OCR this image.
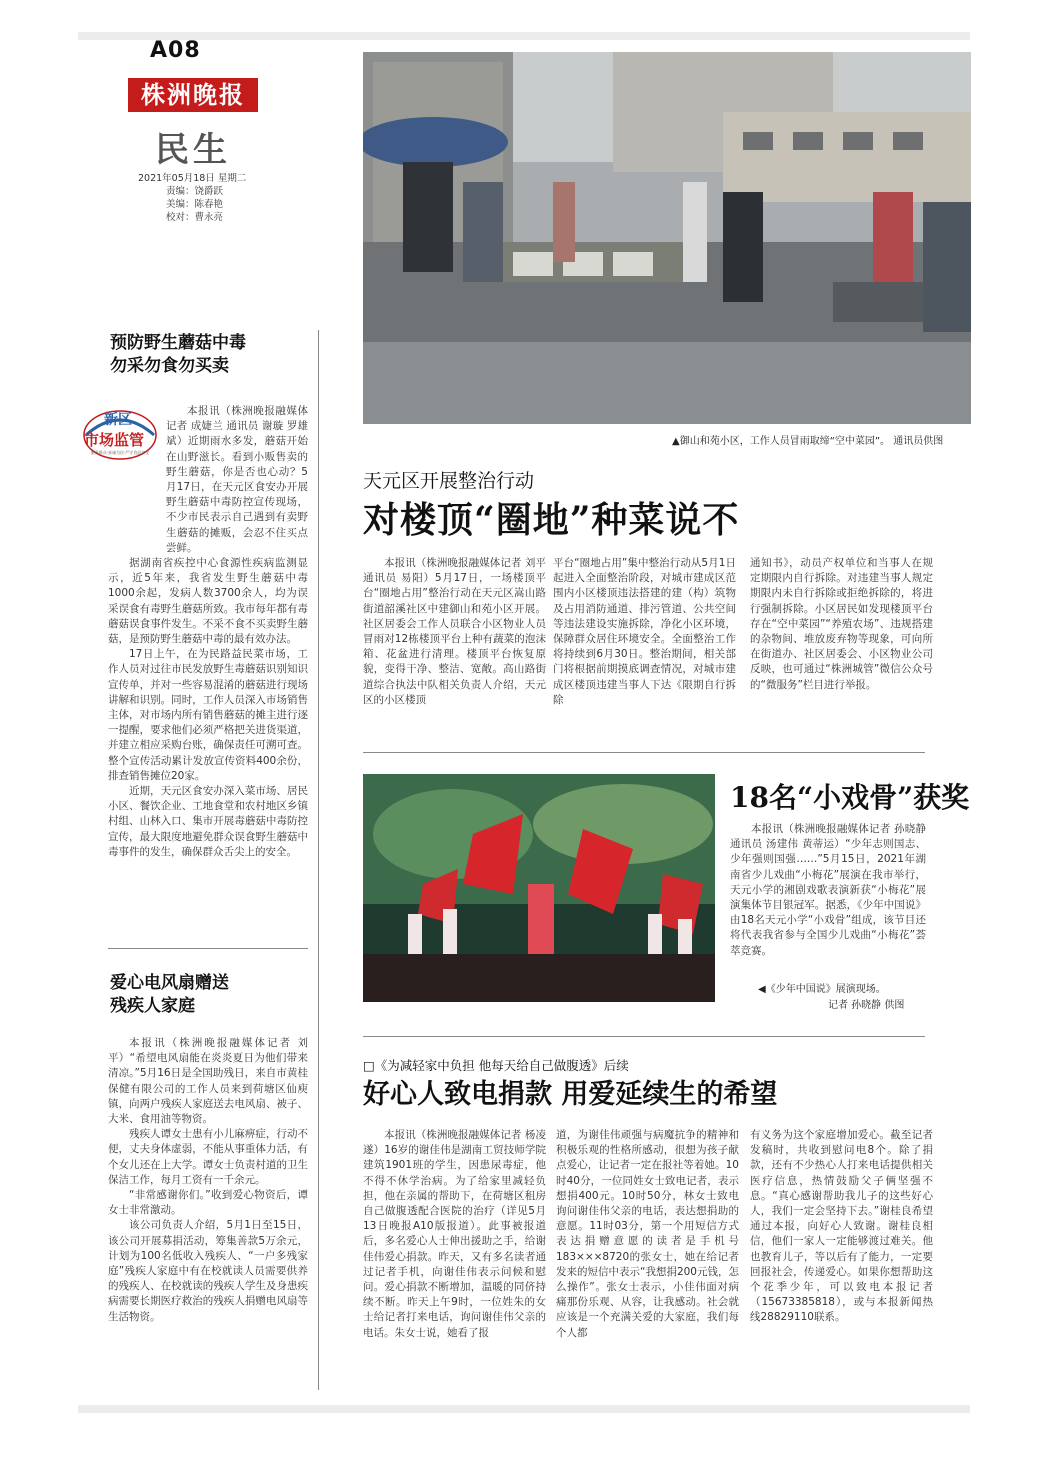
A08
株洲晚报
民生
2021年05月18日 星期二
责编：饶爵跃
美编：陈春艳
校对：曹永亮
预防野生蘑菇中毒
勿采勿食勿买卖
新区
市场监管
服务群众·真诚为民·严守食品安全

本报讯（株洲晚报融媒体记者 成婕兰 通讯员 谢璇 罗雄斌）近期雨水多发，蘑菇开始在山野滋长。看到小贩售卖的野生蘑菇，你是否也心动？5月17日，在天元区食安办开展野生蘑菇中毒防控宣传现场，不少市民表示自己遇到有卖野生蘑菇的摊贩，会忍不住买点尝鲜。

据湖南省疾控中心食源性疾病监测显示，近5年来，我省发生野生蘑菇中毒1000余起，发病人数3700余人，均为误采误食有毒野生蘑菇所致。我市每年都有毒蘑菇误食事件发生。不采不食不买卖野生蘑菇，是预防野生蘑菇中毒的最有效办法。

17日上午，在为民路益民菜市场，工作人员对过往市民发放野生毒蘑菇识别知识宣传单，并对一些容易混淆的蘑菇进行现场讲解和识别。同时，工作人员深入市场销售主体，对市场内所有销售蘑菇的摊主进行逐一提醒，要求他们必须严格把关进货渠道，并建立相应采购台账，确保责任可溯可查。整个宣传活动累计发放宣传资料400余份，排查销售摊位20家。

近期，天元区食安办深入菜市场、居民小区、餐饮企业、工地食堂和农村地区乡镇村组、山林入口、集市开展毒蘑菇中毒防控宣传，最大限度地避免群众误食野生蘑菇中毒事件的发生，确保群众舌尖上的安全。

爱心电风扇赠送
残疾人家庭

本报讯（株洲晚报融媒体记者 刘平）“希望电风扇能在炎炎夏日为他们带来清凉。”5月16日是全国助残日，来自市黄桂保健有限公司的工作人员来到荷塘区仙庾镇，向两户残疾人家庭送去电风扇、被子、大米、食用油等物资。

残疾人谭女士患有小儿麻痹症，行动不便，丈夫身体虚弱，不能从事重体力活，有个女儿还在上大学。谭女士负责村道的卫生保洁工作，每月工资有一千余元。

“非常感谢你们。”收到爱心物资后，谭女士非常激动。

该公司负责人介绍，5月1日至15日，该公司开展募捐活动，筹集善款5万余元，计划为100名低收入残疾人、“一户多残家庭”残疾人家庭中有在校就读人员需要供养的残疾人、在校就读的残疾人学生及身患疾病需要长期医疗救治的残疾人捐赠电风扇等生活物资。

▲御山和苑小区，工作人员冒雨取缔“空中菜园”。 通讯员供图
天元区开展整治行动
对楼顶“圈地”种菜说不
本报讯（株洲晚报融媒体记者 刘平 通讯员 易阳）5月17日，一场楼顶平台“圈地占用”整治行动在天元区嵩山路街道韶溪社区中建御山和苑小区开展。社区居委会工作人员联合小区物业人员冒雨对12栋楼顶平台上种有蔬菜的泡沫箱、花盆进行清理。楼顶平台恢复原貌，变得干净、整洁、宽敞。高山路街道综合执法中队相关负责人介绍，天元区的小区楼顶
平台“圈地占用”集中整治行动从5月1日起进入全面整治阶段，对城市建成区范围内小区楼顶违法搭建的建（构）筑物及占用消防通道、排污管道、公共空间等违法建设实施拆除，净化小区环境，保障群众居住环境安全。全面整治工作将持续到6月30日。整治期间，相关部门将根据前期摸底调查情况，对城市建成区楼顶违建当事人下达《限期自行拆除
通知书》，动员产权单位和当事人在规定期限内自行拆除。对违建当事人规定期限内未自行拆除或拒绝拆除的，将进行强制拆除。小区居民如发现楼顶平台存在“空中菜园”“养殖农场”、违规搭建的杂物间、堆放废弃物等现象，可向所在街道办、社区居委会、小区物业公司反映，也可通过“株洲城管”微信公众号的“微服务”栏目进行举报。
18名“小戏骨”获奖
本报讯（株洲晚报融媒体记者 孙晓静 通讯员 汤建伟 黄蒂运）“少年志则国志、少年强则国强……”5月15日，2021年湖南省少儿戏曲“小梅花”展演在我市举行，天元小学的湘剧戏歌表演新获“小梅花”展演集体节目银冠军。据悉，《少年中国说》由18名天元小学“小戏骨”组成，该节目还将代表我省参与全国少儿戏曲“小梅花”荟萃竞赛。
◀《少年中国说》展演现场。
记者 孙晓静 供图
□《为减轻家中负担 他每天给自己做腹透》后续
好心人致电捐款 用爱延续生的希望
本报讯（株洲晚报融媒体记者 杨凌遂）16岁的谢佳伟是湖南工贸技师学院建筑1901班的学生，因患尿毒症，他不得不休学治病。为了给家里减轻负担，他在亲属的帮助下，在荷塘区租房自己做腹透配合医院的治疗（详见5月13日晚报A10版报道）。此事被报道后，多名爱心人士伸出援助之手，给谢佳伟爱心捐款。昨天，又有多名读者通过记者手机，向谢佳伟表示问候和慰问。爱心捐款不断增加，温暖的同侪持续不断。昨天上午9时，一位姓朱的女士给记者打来电话，询问谢佳伟父亲的电话。朱女士说，她看了报
道，为谢佳伟顽强与病魔抗争的精神和积极乐观的性格所感动，很想为孩子献点爱心，让记者一定在报社等着她。10时40分，一位同姓女士致电记者，表示想捐400元。10时50分，林女士致电询问谢佳伟父亲的电话，表达想捐助的意愿。11时03分，第一个用短信方式表达捐赠意愿的读者是手机号183×××8720的张女士，她在给记者发来的短信中表示“我想捐200元钱，怎么操作”。张女士表示，小佳伟面对病痛那份乐观、从容，让我感动。社会就应该是一个充满关爱的大家庭，我们每个人都
有义务为这个家庭增加爱心。截至记者发稿时，共收到慰问电8个。除了捐款，还有不少热心人打来电话提供相关医疗信息，热情鼓励父子俩坚强不息。“真心感谢帮助我儿子的这些好心人，我们一定会坚持下去。”谢桂良希望通过本报，向好心人致谢。谢桂良相信，他们一家人一定能够渡过难关。他也教育儿子，等以后有了能力，一定要回报社会，传递爱心。如果你想帮助这个花季少年，可以致电本报记者（15673385818），或与本报新闻热线28829110联系。
